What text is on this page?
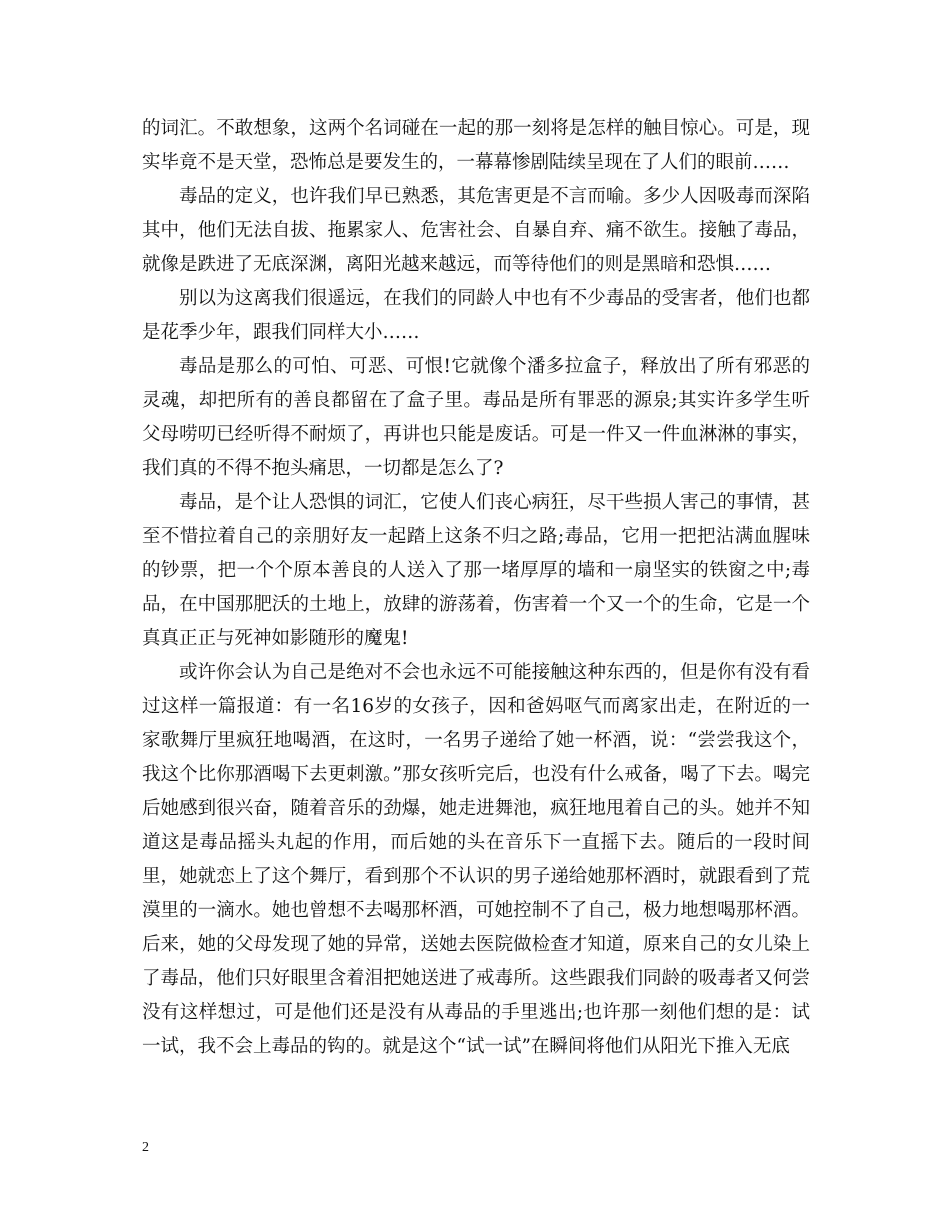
的词汇。不敢想象，这两个名词碰在一起的那一刻将是怎样的触目惊心。可是，现实毕竟不是天堂，恐怖总是要发生的，一幕幕惨剧陆续呈现在了人们的眼前……

毒品的定义，也许我们早已熟悉，其危害更是不言而喻。多少人因吸毒而深陷其中，他们无法自拔、拖累家人、危害社会、自暴自弃、痛不欲生。接触了毒品，就像是跌进了无底深渊，离阳光越来越远，而等待他们的则是黑暗和恐惧……

别以为这离我们很遥远，在我们的同龄人中也有不少毒品的受害者，他们也都是花季少年，跟我们同样大小……

毒品是那么的可怕、可恶、可恨!它就像个潘多拉盒子，释放出了所有邪恶的灵魂，却把所有的善良都留在了盒子里。毒品是所有罪恶的源泉;其实许多学生听父母唠叨已经听得不耐烦了，再讲也只能是废话。可是一件又一件血淋淋的事实，我们真的不得不抱头痛思，一切都是怎么了?

毒品，是个让人恐惧的词汇，它使人们丧心病狂，尽干些损人害己的事情，甚至不惜拉着自己的亲朋好友一起踏上这条不归之路;毒品，它用一把把沾满血腥味的钞票，把一个个原本善良的人送入了那一堵厚厚的墙和一扇坚实的铁窗之中;毒品，在中国那肥沃的土地上，放肆的游荡着，伤害着一个又一个的生命，它是一个真真正正与死神如影随形的魔鬼!

或许你会认为自己是绝对不会也永远不可能接触这种东西的，但是你有没有看过这样一篇报道：有一名16岁的女孩子，因和爸妈呕气而离家出走，在附近的一家歌舞厅里疯狂地喝酒，在这时，一名男子递给了她一杯酒，说：“尝尝我这个，我这个比你那酒喝下去更刺激。”那女孩听完后，也没有什么戒备，喝了下去。喝完后她感到很兴奋，随着音乐的劲爆，她走进舞池，疯狂地甩着自己的头。她并不知道这是毒品摇头丸起的作用，而后她的头在音乐下一直摇下去。随后的一段时间里，她就恋上了这个舞厅，看到那个不认识的男子递给她那杯酒时，就跟看到了荒漠里的一滴水。她也曾想不去喝那杯酒，可她控制不了自己，极力地想喝那杯酒。后来，她的父母发现了她的异常，送她去医院做检查才知道，原来自己的女儿染上了毒品，他们只好眼里含着泪把她送进了戒毒所。这些跟我们同龄的吸毒者又何尝没有这样想过，可是他们还是没有从毒品的手里逃出;也许那一刻他们想的是：试一试，我不会上毒品的钩的。就是这个“试一试”在瞬间将他们从阳光下推入无底

2
